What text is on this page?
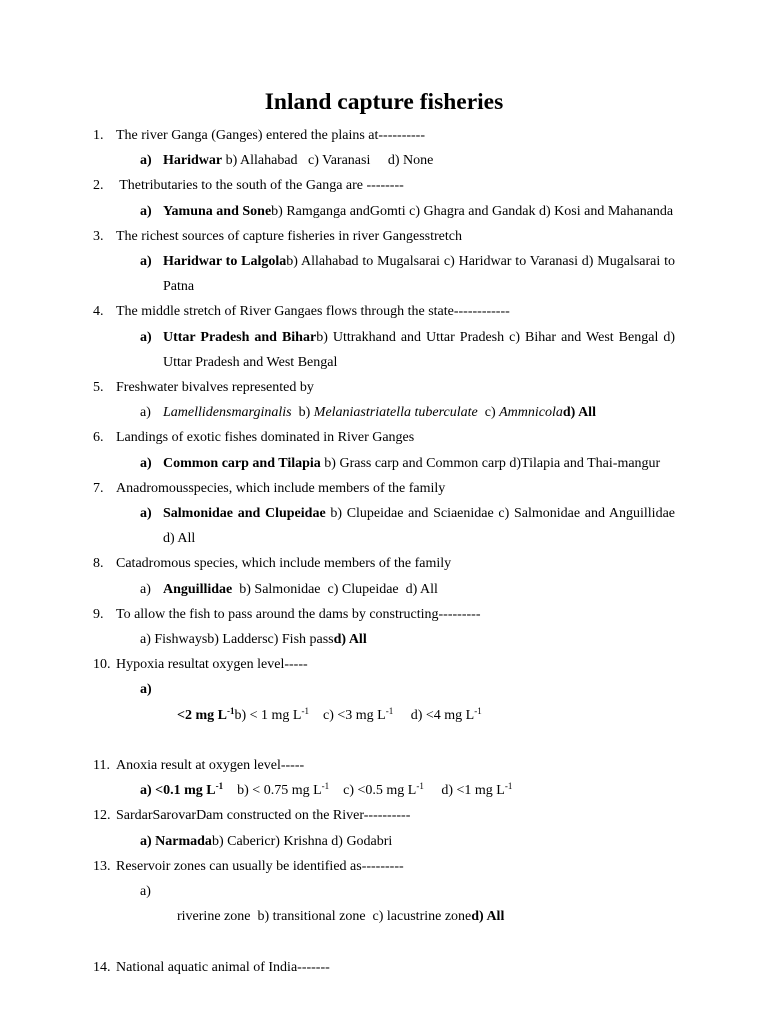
Inland capture fisheries
1. The river Ganga (Ganges) entered the plains at----------
a) Haridwar b) Allahabad   c) Varanasi     d) None
2. Thetributaries to the south of the Ganga are --------
a) Yamuna and Soneb) Ramganga andGomti c) Ghagra and Gandak d) Kosi and Mahananda
3. The richest sources of capture fisheries in river Gangesstretch
a) Haridwar to Lalgolab) Allahabad to Mugalsarai c) Haridwar to Varanasi d) Mugalsarai to Patna
4. The middle stretch of River Gangaes flows through the state------------
a) Uttar Pradesh and Biharb) Uttrakhand and Uttar Pradesh c) Bihar and West Bengal d) Uttar Pradesh and West Bengal
5. Freshwater bivalves represented by
a) Lamellidensmarginalis  b) Melaniastriatella tuberculate  c) Ammnicolad) All
6. Landings of exotic fishes dominated in River Ganges
a) Common carp and Tilapia b) Grass carp and Common carp d)Tilapia and Thai-mangur
7. Anadromousspecies, which include members of the family
a) Salmonidae and Clupeidae b) Clupeidae and Sciaenidae c) Salmonidae and Anguillidae d) All
8. Catadromous species, which include members of the family
a) Anguillidae  b) Salmonidae  c) Clupeidae  d) All
9. To allow the fish to pass around the dams by constructing---------
a) Fishwaysb) Laddersc) Fish passd) All
10. Hypoxia resultat oxygen level-----

a)
<2 mg $L^{-1}b) < 1$ mg $L^{-1}$    c) <3 mg $L^{-1}$     d) <4 mg $L^{-1}$

11. Anoxia result at oxygen level-----
a) <0.1 mg $L^{-1}$    b) < 0.75 mg $L^{-1}$    c) <0.5 mg $L^{-1}$     d) <1 mg $L^{-1}$
12. SardarSarovarDam constructed on the River----------
a) Narmadab) Cabericr) Krishna d) Godabri
13. Reservoir zones can usually be identified as---------

a)
riverine zone  b) transitional zone  c) lacustrine zoned) All

14. National aquatic animal of India-------
